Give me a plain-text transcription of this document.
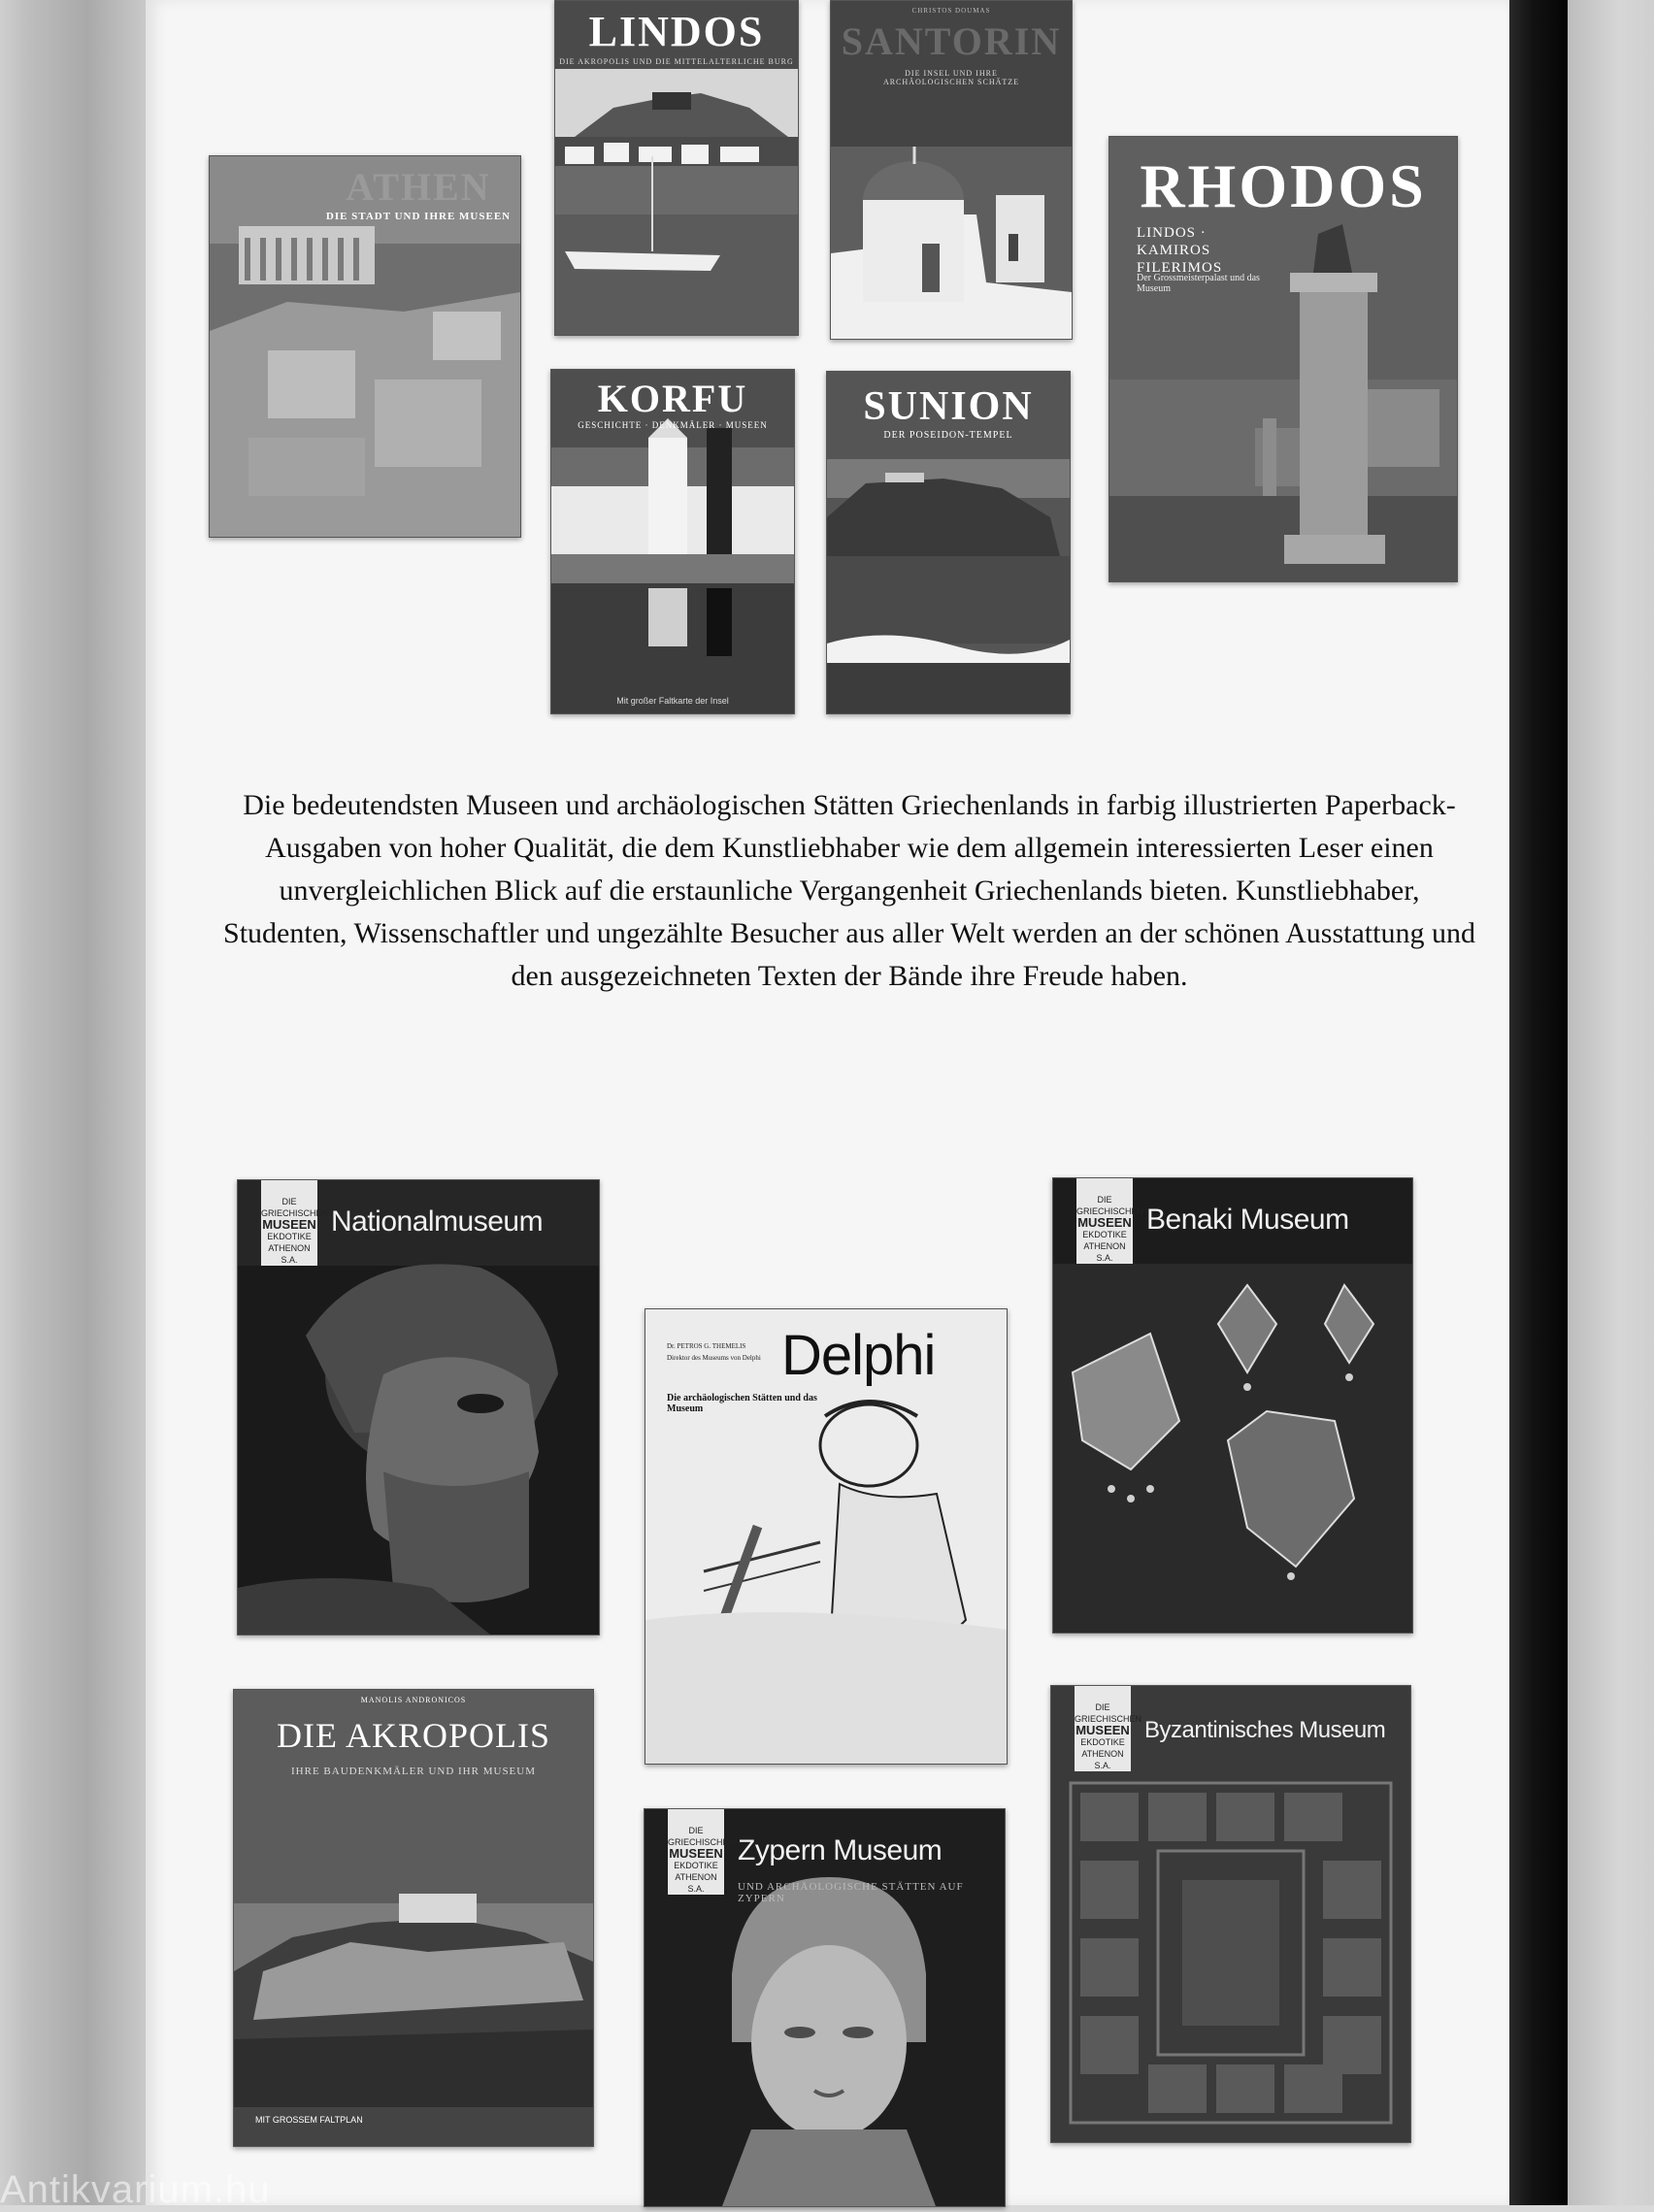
ATHEN
DIE STADT UND IHRE MUSEEN
LINDOS
DIE AKROPOLIS UND DIE MITTELALTERLICHE BURG
CHRISTOS DOUMAS
SANTORIN
DIE INSEL UND IHRE ARCHÄOLOGISCHEN SCHÄTZE
RHODOS
LINDOS · KAMIROS FILERIMOS
Der Grossmeisterpalast und das Museum
KORFU
GESCHICHTE · DENKMÄLER · MUSEEN
Mit großer Faltkarte der Insel
SUNION
DER POSEIDON-TEMPEL
Die bedeutendsten Museen und archäologischen Stätten Griechenlands in farbig illustrierten Paperback-Ausgaben von hoher Qualität, die dem Kunstliebhaber wie dem allgemein interessierten Leser einen unvergleichlichen Blick auf die erstaunliche Vergangenheit Griechenlands bieten. Kunstliebhaber, Studenten, Wissenschaftler und ungezählte Besucher aus aller Welt werden an der schönen Ausstattung und den ausgezeichneten Texten der Bände ihre Freude haben.
DIE GRIECHISCHEN
MUSEEN
EKDOTIKE ATHENON S.A.
Nationalmuseum
Dr. PETROS G. THEMELIS
Direktor des Museums von Delphi Delphi
Die archäologischen Stätten und das Museum
DIE GRIECHISCHEN
MUSEEN
EKDOTIKE ATHENON S.A.
Benaki Museum
MANOLIS ANDRONICOS
DIE AKROPOLIS
IHRE BAUDENKMÄLER UND IHR MUSEUM
MIT GROSSEM FALTPLAN
DIE GRIECHISCHEN
MUSEEN
EKDOTIKE ATHENON S.A.
Zypern Museum
UND ARCHÄOLOGISCHE STÄTTEN AUF ZYPERN
DIE GRIECHISCHEN
MUSEEN
EKDOTIKE ATHENON S.A.
Byzantinisches Museum
Antikvarium.hu
